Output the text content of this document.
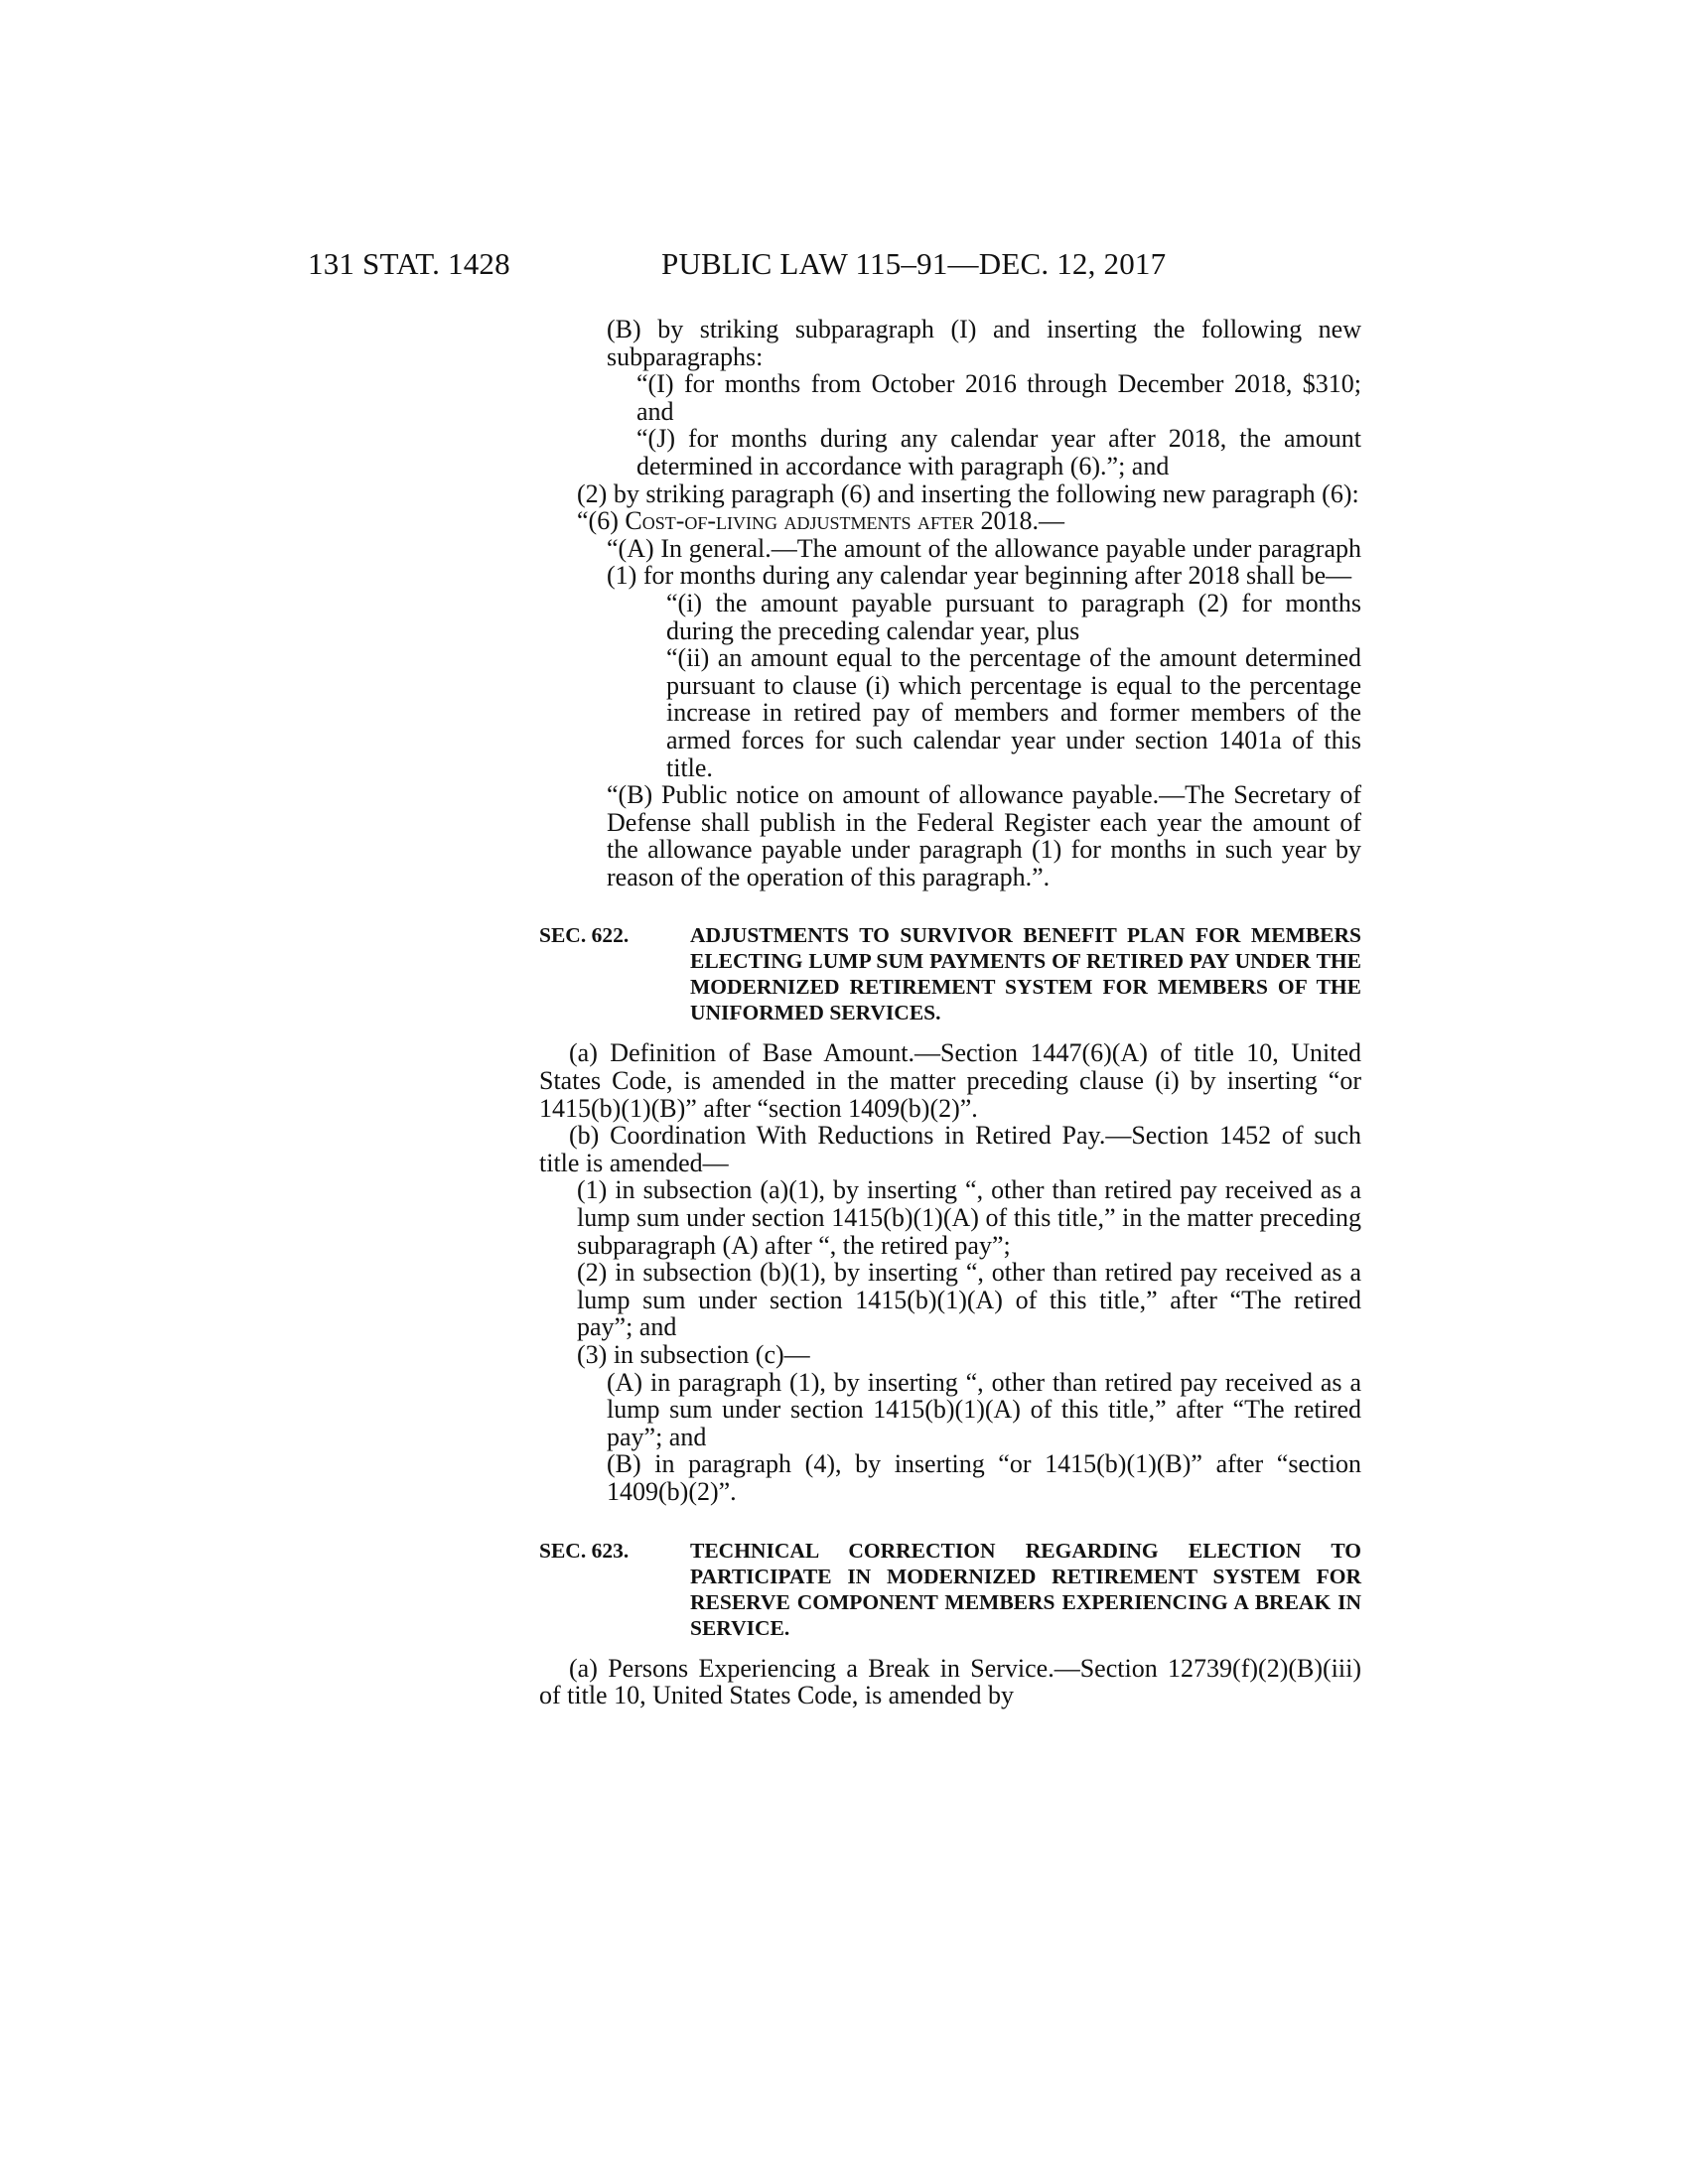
131 STAT. 1428	PUBLIC LAW 115–91—DEC. 12, 2017

(B) by striking subparagraph (I) and inserting the following new subparagraphs:

“(I) for months from October 2016 through December 2018, $310; and

“(J) for months during any calendar year after 2018, the amount determined in accordance with paragraph (6).”; and

(2) by striking paragraph (6) and inserting the following new paragraph (6):

“(6) Cost-of-living adjustments after 2018.—

“(A) In general.—The amount of the allowance payable under paragraph (1) for months during any calendar year beginning after 2018 shall be—

“(i) the amount payable pursuant to paragraph (2) for months during the preceding calendar year, plus

“(ii) an amount equal to the percentage of the amount determined pursuant to clause (i) which percentage is equal to the percentage increase in retired pay of members and former members of the armed forces for such calendar year under section 1401a of this title.

“(B) Public notice on amount of allowance payable.—The Secretary of Defense shall publish in the Federal Register each year the amount of the allowance payable under paragraph (1) for months in such year by reason of the operation of this paragraph.”.

SEC. 622.	ADJUSTMENTS TO SURVIVOR BENEFIT PLAN FOR MEMBERS ELECTING LUMP SUM PAYMENTS OF RETIRED PAY UNDER THE MODERNIZED RETIREMENT SYSTEM FOR MEMBERS OF THE UNIFORMED SERVICES.

(a) Definition of Base Amount.—Section 1447(6)(A) of title 10, United States Code, is amended in the matter preceding clause (i) by inserting “or 1415(b)(1)(B)” after “section 1409(b)(2)”.

(b) Coordination With Reductions in Retired Pay.—Section 1452 of such title is amended—

(1) in subsection (a)(1), by inserting “, other than retired pay received as a lump sum under section 1415(b)(1)(A) of this title,” in the matter preceding subparagraph (A) after “, the retired pay”;

(2) in subsection (b)(1), by inserting “, other than retired pay received as a lump sum under section 1415(b)(1)(A) of this title,” after “The retired pay”; and

(3) in subsection (c)—

(A) in paragraph (1), by inserting “, other than retired pay received as a lump sum under section 1415(b)(1)(A) of this title,” after “The retired pay”; and

(B) in paragraph (4), by inserting “or 1415(b)(1)(B)” after “section 1409(b)(2)”.

SEC. 623.	TECHNICAL CORRECTION REGARDING ELECTION TO PARTICIPATE IN MODERNIZED RETIREMENT SYSTEM FOR RESERVE COMPONENT MEMBERS EXPERIENCING A BREAK IN SERVICE.

(a) Persons Experiencing a Break in Service.—Section 12739(f)(2)(B)(iii) of title 10, United States Code, is amended by
